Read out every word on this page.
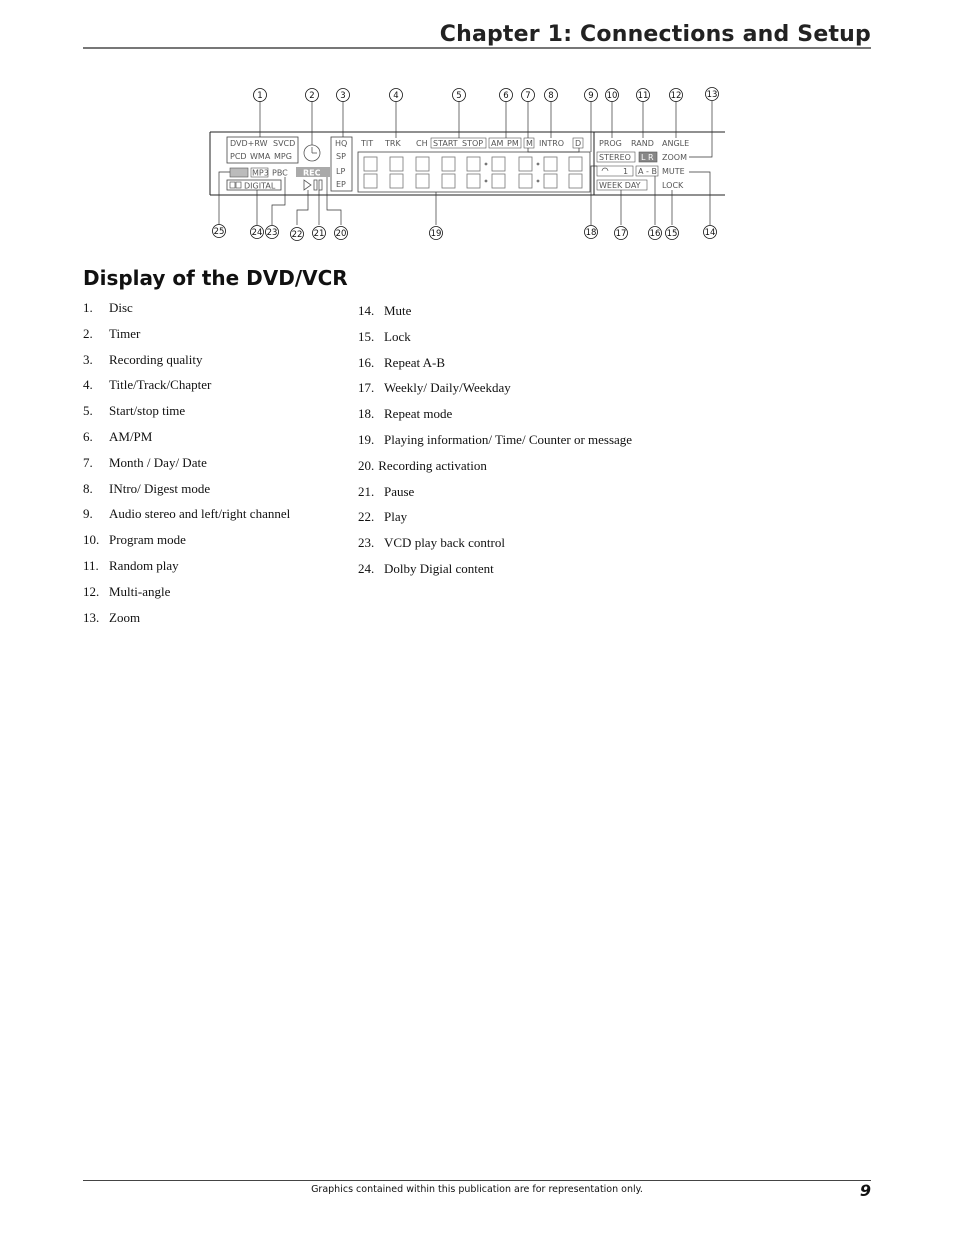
Chapter 1: Connections and Setup
DVD+RW SVCD
PCD WMA MPG
MP3 PBC REC
DIGITAL
HQ
SP
LP
EP
TIT TRK CH START STOP AM PM M INTRO D PROG RAND ANGLE
STEREO L R ZOOM
1 A - B MUTE
WEEK DAY	LOCK
1	2	3	4	5	6 7 8	9 10 11	12	13
25	24 23 22 21 20	19	18 17	16 15	14
Display of the DVD/VCR
1. Disc
2. Timer
3. Recording quality
4. Title/Track/Chapter
5. Start/stop time
6. AM/PM
7. Month / Day/ Date
8. INtro/ Digest mode
9. Audio stereo and left/right channel
10. Program mode
11. Random play
12. Multi-angle
13. Zoom
14. Mute
15. Lock
16. Repeat A-B
17. Weekly/ Daily/Weekday
18. Repeat mode
19. Playing information/ Time/ Counter or message
20. Recording activation
21. Pause
22. Play
23. VCD play back control
24. Dolby Digial content
Graphics contained within this publication are for representation only.	9
